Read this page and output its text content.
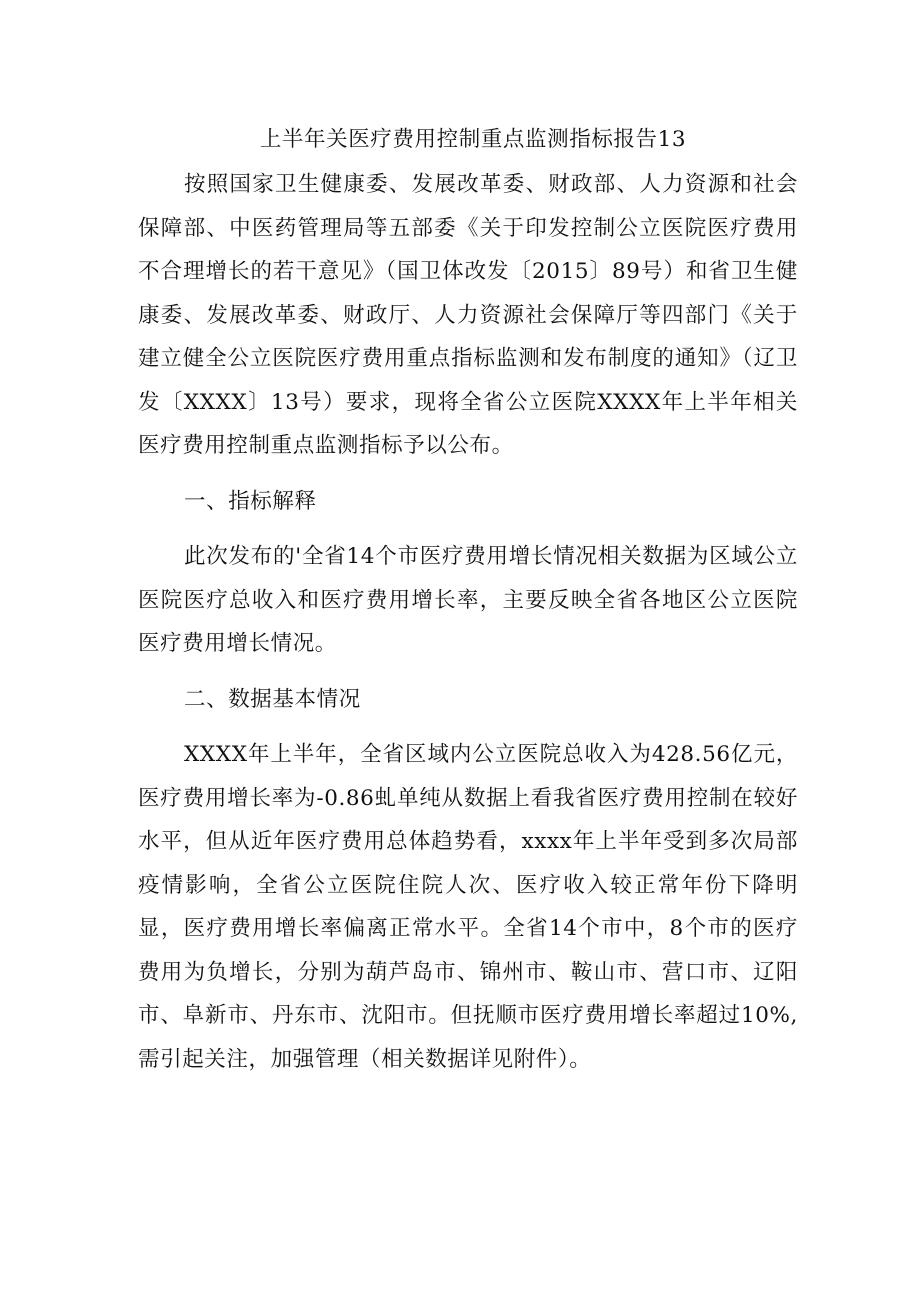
上半年关医疗费用控制重点监测指标报告13

按照国家卫生健康委、发展改革委、财政部、人力资源和社会保障部、中医药管理局等五部委《关于印发控制公立医院医疗费用不合理增长的若干意见》（国卫体改发〔2015〕89号）和省卫生健康委、发展改革委、财政厅、人力资源社会保障厅等四部门《关于建立健全公立医院医疗费用重点指标监测和发布制度的通知》（辽卫发〔XXXX〕13号）要求，现将全省公立医院XXXX年上半年相关医疗费用控制重点监测指标予以公布。

一、指标解释

此次发布的'全省14个市医疗费用增长情况相关数据为区域公立医院医疗总收入和医疗费用增长率，主要反映全省各地区公立医院医疗费用增长情况。

二、数据基本情况

XXXX年上半年，全省区域内公立医院总收入为428.56亿元，医疗费用增长率为-0.86虬单纯从数据上看我省医疗费用控制在较好水平，但从近年医疗费用总体趋势看，xxxx年上半年受到多次局部疫情影响，全省公立医院住院人次、医疗收入较正常年份下降明显，医疗费用增长率偏离正常水平。全省14个市中，8个市的医疗费用为负增长，分别为葫芦岛市、锦州市、鞍山市、营口市、辽阳市、阜新市、丹东市、沈阳市。但抚顺市医疗费用增长率超过10%,需引起关注，加强管理（相关数据详见附件）。
